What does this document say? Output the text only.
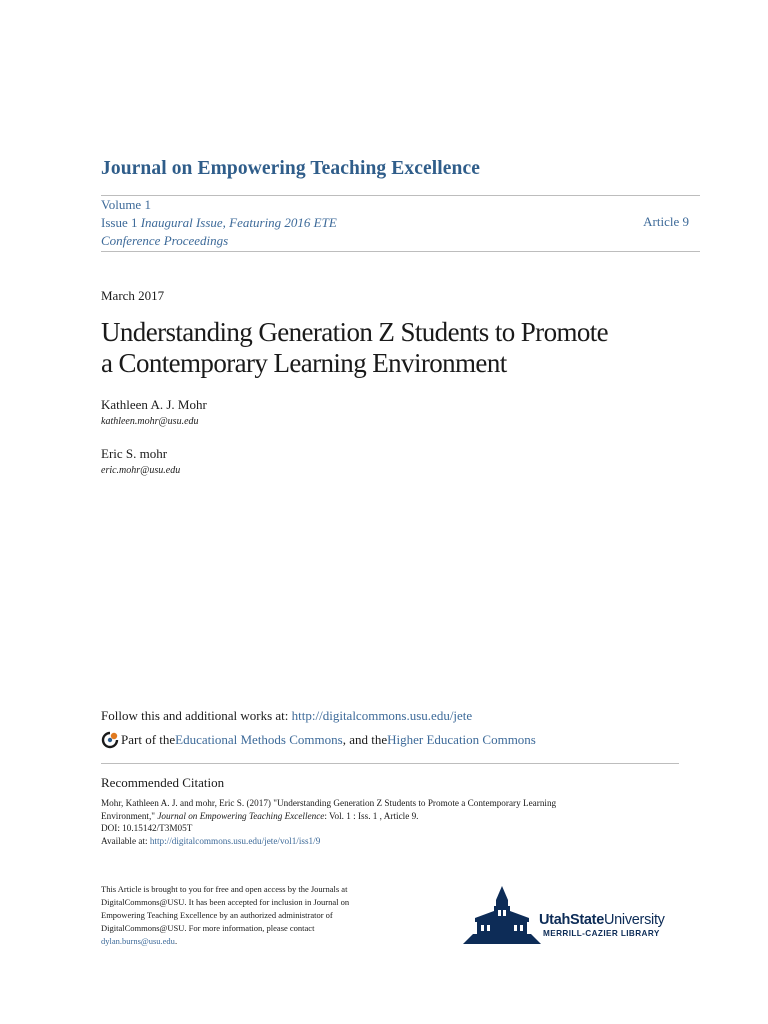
Journal on Empowering Teaching Excellence
Volume 1
Issue 1 Inaugural Issue, Featuring 2016 ETE
Conference Proceedings
Article 9
March 2017
Understanding Generation Z Students to Promote
a Contemporary Learning Environment
Kathleen A. J. Mohr
kathleen.mohr@usu.edu
Eric S. mohr
eric.mohr@usu.edu
Follow this and additional works at: http://digitalcommons.usu.edu/jete
Part of the Educational Methods Commons , and the Higher Education Commons
Recommended Citation
Mohr, Kathleen A. J. and mohr, Eric S. (2017) "Understanding Generation Z Students to Promote a Contemporary Learning
Environment," Journal on Empowering Teaching Excellence: Vol. 1 : Iss. 1 , Article 9.
DOI: 10.15142/T3M05T
Available at: http://digitalcommons.usu.edu/jete/vol1/iss1/9
This Article is brought to you for free and open access by the Journals at
DigitalCommons@USU. It has been accepted for inclusion in Journal on
Empowering Teaching Excellence by an authorized administrator of
DigitalCommons@USU. For more information, please contact
dylan.burns@usu.edu.
UtahStateUniversity
MERRILL-CAZIER LIBRARY
